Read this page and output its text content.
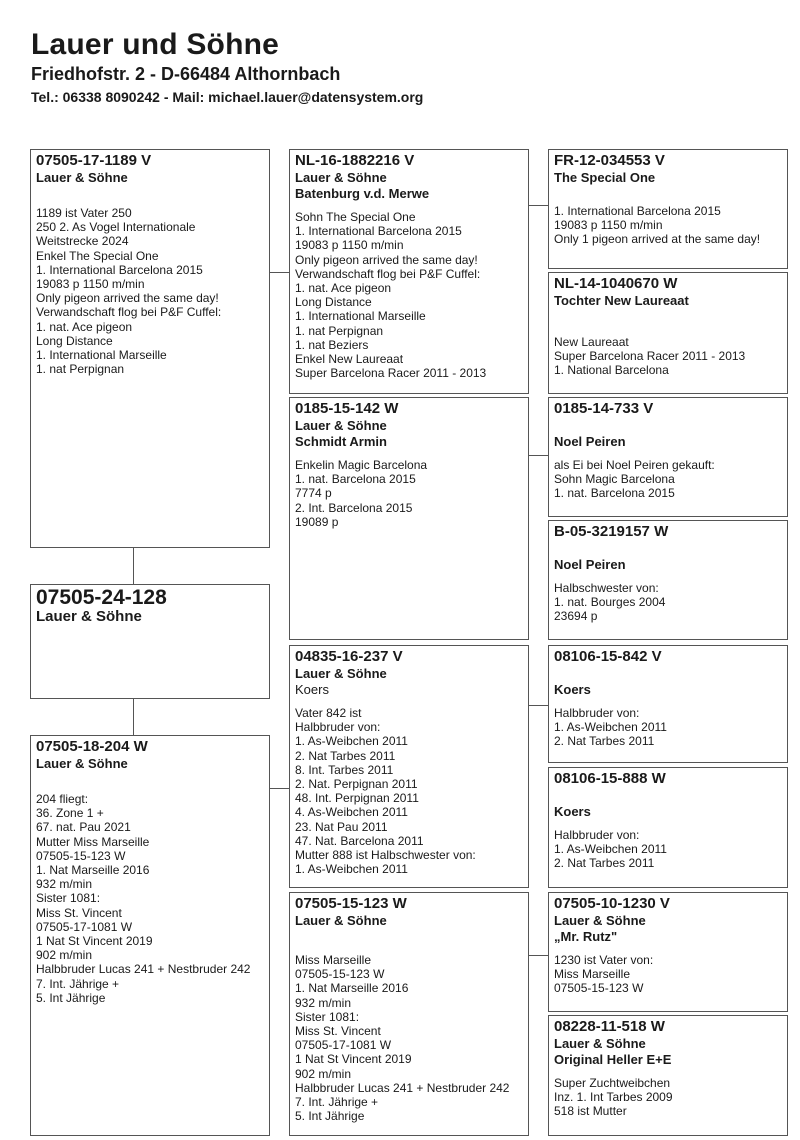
Lauer und Söhne
Friedhofstr. 2 - D-66484 Althornbach
Tel.: 06338 8090242 - Mail: michael.lauer@datensystem.org
07505-24-128
Lauer & Söhne
07505-17-1189 V
Lauer & Söhne
1189 ist Vater 250
250 2. As Vogel Internationale
Weitstrecke 2024
Enkel The Special One
1. International Barcelona 2015
19083 p 1150 m/min
Only pigeon arrived the same day!
Verwandschaft flog bei P&F Cuffel:
1. nat. Ace pigeon
Long Distance
1. International Marseille
1. nat Perpignan
07505-18-204 W
Lauer & Söhne
204 fliegt:
36. Zone 1 +
67. nat. Pau 2021
Mutter Miss Marseille
07505-15-123 W
1. Nat Marseille 2016
932 m/min
Sister 1081:
Miss St. Vincent
07505-17-1081 W
1 Nat St Vincent 2019
902 m/min
Halbbruder Lucas 241 + Nestbruder 242
7. Int. Jährige +
5. Int Jährige
NL-16-1882216 V
Lauer & Söhne
Batenburg v.d. Merwe
Sohn The Special One
1. International Barcelona 2015
19083 p 1150 m/min
Only pigeon arrived the same day!
Verwandschaft flog bei P&F Cuffel:
1. nat. Ace pigeon
Long Distance
1. International Marseille
1. nat Perpignan
1. nat Beziers
Enkel New Laureaat
Super Barcelona Racer 2011 - 2013
0185-15-142 W
Lauer & Söhne
Schmidt Armin
Enkelin Magic Barcelona
1. nat. Barcelona 2015
7774 p
2. Int. Barcelona 2015
19089 p
04835-16-237 V
Lauer & Söhne
Koers
Vater 842 ist
Halbbruder von:
1. As-Weibchen 2011
2. Nat Tarbes 2011
8. Int. Tarbes 2011
2. Nat. Perpignan 2011
48. Int. Perpignan 2011
4. As-Weibchen 2011
23. Nat Pau 2011
47. Nat. Barcelona 2011
Mutter 888 ist Halbschwester von:
1. As-Weibchen 2011
07505-15-123 W
Lauer & Söhne
Miss Marseille
07505-15-123 W
1. Nat Marseille 2016
932 m/min
Sister 1081:
Miss St. Vincent
07505-17-1081 W
1 Nat St Vincent 2019
902 m/min
Halbbruder Lucas 241 + Nestbruder 242
7. Int. Jährige +
5. Int Jährige
FR-12-034553 V
The Special One
1. International Barcelona 2015
19083 p 1150 m/min
Only 1 pigeon arrived at the same day!
NL-14-1040670 W
Tochter New Laureaat
New Laureaat
Super Barcelona Racer 2011 - 2013
1. National Barcelona
0185-14-733 V
Noel Peiren
als Ei bei Noel Peiren gekauft:
Sohn Magic Barcelona
1. nat. Barcelona 2015
B-05-3219157 W
Noel Peiren
Halbschwester von:
1. nat. Bourges 2004
23694 p
08106-15-842 V
Koers
Halbbruder von:
1. As-Weibchen 2011
2. Nat Tarbes 2011
08106-15-888 W
Koers
Halbbruder von:
1. As-Weibchen 2011
2. Nat Tarbes 2011
07505-10-1230 V
Lauer & Söhne
„Mr. Rutz"
1230 ist Vater von:
Miss Marseille
07505-15-123 W
08228-11-518 W
Lauer & Söhne
Original Heller E+E
Super Zuchtweibchen
Inz. 1. Int Tarbes 2009
518 ist Mutter
